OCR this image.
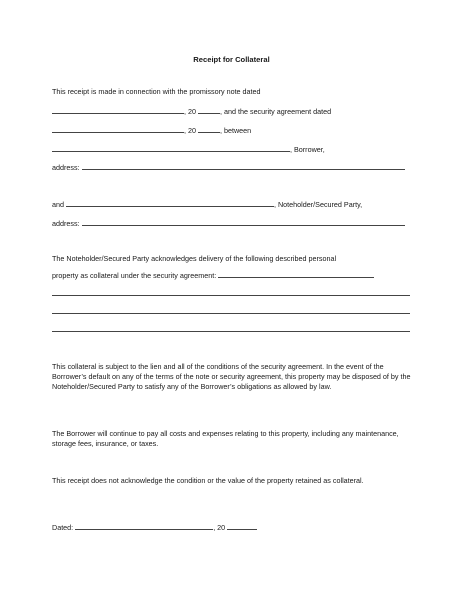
Receipt for Collateral

This receipt is made in connection with the promissory note dated

, 20	, and the security agreement dated

, 20	, between

, Borrower,

address:

and	, Noteholder/Secured Party,

address:

The Noteholder/Secured Party acknowledges delivery of the following described personal

property as collateral under the security agreement:

This collateral is subject to the lien and all of the conditions of the security agreement. In the event of the Borrower’s default on any of the terms of the note or security agreement, this property may be disposed of by the Noteholder/Secured Party to satisfy any of the Borrower’s obligations as allowed by law.

The Borrower will continue to pay all costs and expenses relating to this property, including any maintenance, storage fees, insurance, or taxes.

This receipt does not acknowledge the condition or the value of the property retained as collateral.

Dated:	, 20
